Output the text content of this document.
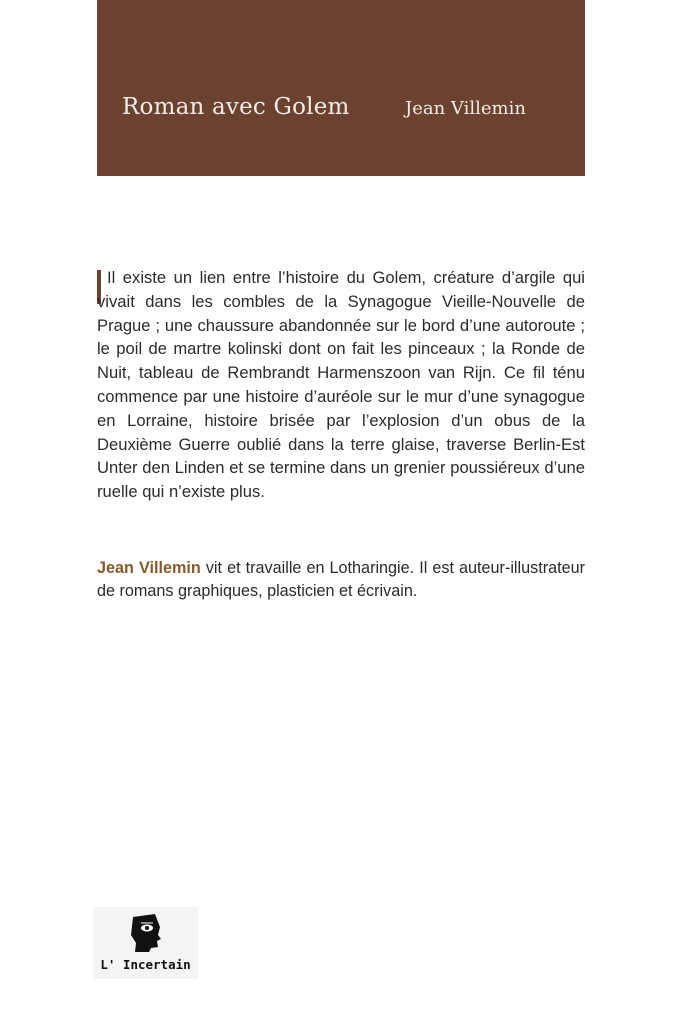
Roman avec Golem	Jean Villemin

Il existe un lien entre l’histoire du Golem, créature d’argile qui vivait dans les combles de la Synagogue Vieille-Nouvelle de Prague ; une chaussure abandonnée sur le bord d’une autoroute ; le poil de martre kolinski dont on fait les pinceaux ; la Ronde de Nuit, tableau de Rembrandt Harmenszoon van Rijn. Ce fil ténu commence par une histoire d’auréole sur le mur d’une synagogue en Lorraine, histoire brisée par l’explosion d’un obus de la Deuxième Guerre oublié dans la terre glaise, traverse Berlin-Est Unter den Linden et se termine dans un grenier poussiéreux d’une ruelle qui n’existe plus.

Jean Villemin vit et travaille en Lotharingie. Il est auteur-illustrateur de romans graphiques, plasticien et écrivain.

L' Incertain
